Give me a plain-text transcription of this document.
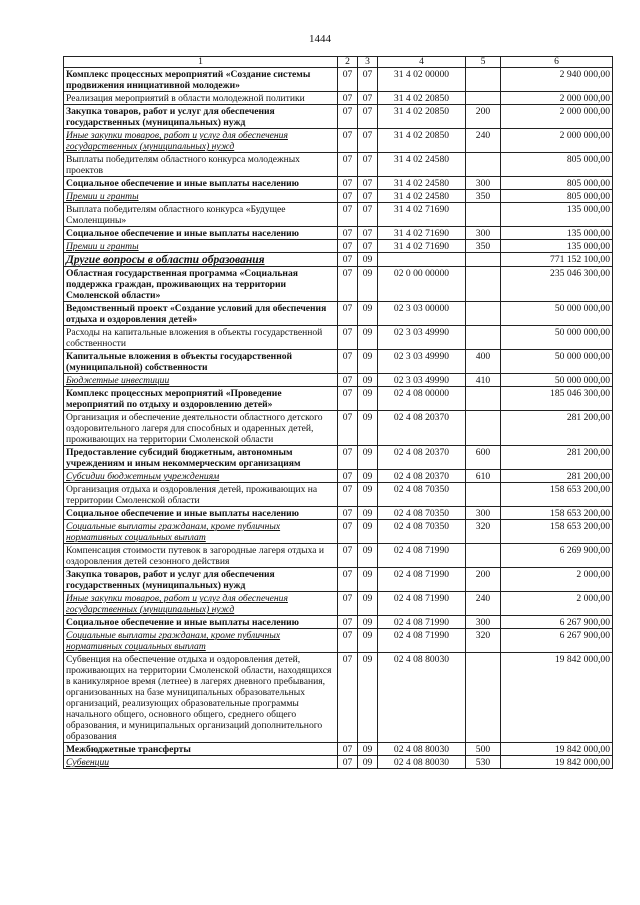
1444
1	2	3	4	5	6
Комплекс процессных мероприятий «Создание системы продвижения инициативной молодежи»	07	07	31 4 02 00000		2 940 000,00
Реализация мероприятий в области молодежной политики	07	07	31 4 02 20850		2 000 000,00
Закупка товаров, работ и услуг для обеспечения государственных (муниципальных) нужд	07	07	31 4 02 20850	200	2 000 000,00
Иные закупки товаров, работ и услуг для обеспечения государственных (муниципальных) нужд	07	07	31 4 02 20850	240	2 000 000,00
Выплаты победителям областного конкурса молодежных проектов	07	07	31 4 02 24580		805 000,00
Социальное обеспечение и иные выплаты населению	07	07	31 4 02 24580	300	805 000,00
Премии и гранты	07	07	31 4 02 24580	350	805 000,00
Выплата победителям областного конкурса «Будущее Смоленщины»	07	07	31 4 02 71690		135 000,00
Социальное обеспечение и иные выплаты населению	07	07	31 4 02 71690	300	135 000,00
Премии и гранты	07	07	31 4 02 71690	350	135 000,00
Другие вопросы в области образования	07	09			771 152 100,00
Областная государственная программа «Социальная поддержка граждан, проживающих на территории Смоленской области»	07	09	02 0 00 00000		235 046 300,00
Ведомственный проект «Создание условий для обеспечения отдыха и оздоровления детей»	07	09	02 3 03 00000		50 000 000,00
Расходы на капитальные вложения в объекты государственной собственности	07	09	02 3 03 49990		50 000 000,00
Капитальные вложения в объекты государственной (муниципальной) собственности	07	09	02 3 03 49990	400	50 000 000,00
Бюджетные инвестиции	07	09	02 3 03 49990	410	50 000 000,00
Комплекс процессных мероприятий «Проведение мероприятий по отдыху и оздоровлению детей»	07	09	02 4 08 00000		185 046 300,00
Организация и обеспечение деятельности областного детского оздоровительного лагеря для способных и одаренных детей, проживающих на территории Смоленской области	07	09	02 4 08 20370		281 200,00
Предоставление субсидий бюджетным, автономным учреждениям и иным некоммерческим организациям	07	09	02 4 08 20370	600	281 200,00
Субсидии бюджетным учреждениям	07	09	02 4 08 20370	610	281 200,00
Организация отдыха и оздоровления детей, проживающих на территории Смоленской области	07	09	02 4 08 70350		158 653 200,00
Социальное обеспечение и иные выплаты населению	07	09	02 4 08 70350	300	158 653 200,00
Социальные выплаты гражданам, кроме публичных нормативных социальных выплат	07	09	02 4 08 70350	320	158 653 200,00
Компенсация стоимости путевок в загородные лагеря отдыха и оздоровления детей сезонного действия	07	09	02 4 08 71990		6 269 900,00
Закупка товаров, работ и услуг для обеспечения государственных (муниципальных) нужд	07	09	02 4 08 71990	200	2 000,00
Иные закупки товаров, работ и услуг для обеспечения государственных (муниципальных) нужд	07	09	02 4 08 71990	240	2 000,00
Социальное обеспечение и иные выплаты населению	07	09	02 4 08 71990	300	6 267 900,00
Социальные выплаты гражданам, кроме публичных нормативных социальных выплат	07	09	02 4 08 71990	320	6 267 900,00
Субвенция на обеспечение отдыха и оздоровления детей, проживающих на территории Смоленской области, находящихся в каникулярное время (летнее) в лагерях дневного пребывания, организованных на базе муниципальных образовательных организаций, реализующих образовательные программы начального общего, основного общего, среднего общего образования, и муниципальных организаций дополнительного образования	07	09	02 4 08 80030		19 842 000,00
Межбюджетные трансферты	07	09	02 4 08 80030	500	19 842 000,00
Субвенции	07	09	02 4 08 80030	530	19 842 000,00
